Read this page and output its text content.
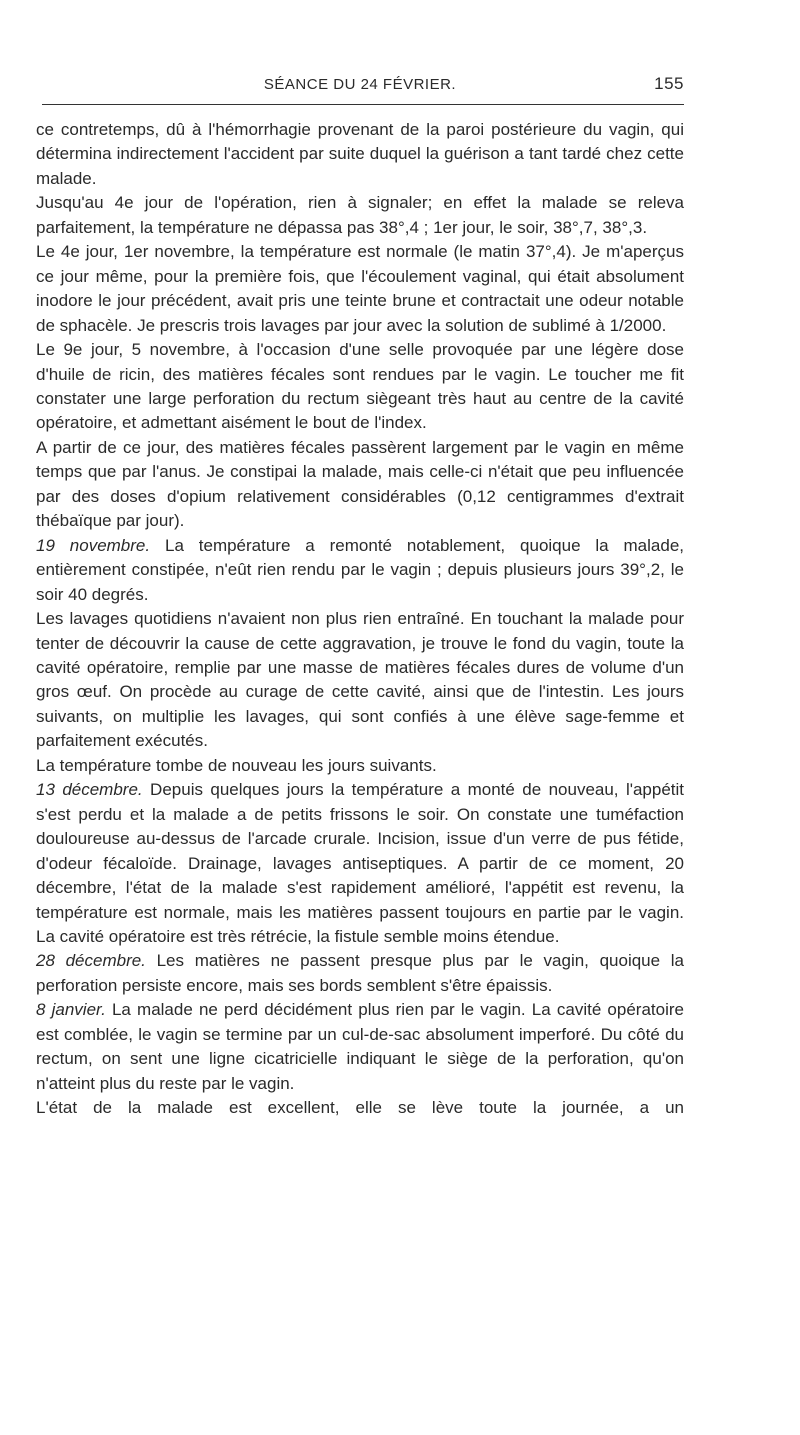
SÉANCE DU 24 FÉVRIER.	155

ce contretemps, dû à l'hémorrhagie provenant de la paroi postérieure du vagin, qui détermina indirectement l'accident par suite duquel la guérison a tant tardé chez cette malade.

Jusqu'au 4e jour de l'opération, rien à signaler; en effet la malade se releva parfaitement, la température ne dépassa pas 38°,4 ; 1er jour, le soir, 38°,7, 38°,3.

Le 4e jour, 1er novembre, la température est normale (le matin 37°,4). Je m'aperçus ce jour même, pour la première fois, que l'écoulement vaginal, qui était absolument inodore le jour précédent, avait pris une teinte brune et contractait une odeur notable de sphacèle. Je prescris trois lavages par jour avec la solution de sublimé à 1/2000.

Le 9e jour, 5 novembre, à l'occasion d'une selle provoquée par une légère dose d'huile de ricin, des matières fécales sont rendues par le vagin. Le toucher me fit constater une large perforation du rectum siègeant très haut au centre de la cavité opératoire, et admettant aisément le bout de l'index.

A partir de ce jour, des matières fécales passèrent largement par le vagin en même temps que par l'anus. Je constipai la malade, mais celle-ci n'était que peu influencée par des doses d'opium relativement considérables (0,12 centigrammes d'extrait thébaïque par jour).

19 novembre. La température a remonté notablement, quoique la malade, entièrement constipée, n'eût rien rendu par le vagin ; depuis plusieurs jours 39°,2, le soir 40 degrés.

Les lavages quotidiens n'avaient non plus rien entraîné. En touchant la malade pour tenter de découvrir la cause de cette aggravation, je trouve le fond du vagin, toute la cavité opératoire, remplie par une masse de matières fécales dures de volume d'un gros œuf. On procède au curage de cette cavité, ainsi que de l'intestin. Les jours suivants, on multiplie les lavages, qui sont confiés à une élève sage-femme et parfaitement exécutés.

La température tombe de nouveau les jours suivants.

13 décembre. Depuis quelques jours la température a monté de nouveau, l'appétit s'est perdu et la malade a de petits frissons le soir. On constate une tuméfaction douloureuse au-dessus de l'arcade crurale. Incision, issue d'un verre de pus fétide, d'odeur fécaloïde. Drainage, lavages antiseptiques. A partir de ce moment, 20 décembre, l'état de la malade s'est rapidement amélioré, l'appétit est revenu, la température est normale, mais les matières passent toujours en partie par le vagin. La cavité opératoire est très rétrécie, la fistule semble moins étendue.

28 décembre. Les matières ne passent presque plus par le vagin, quoique la perforation persiste encore, mais ses bords semblent s'être épaissis.

8 janvier. La malade ne perd décidément plus rien par le vagin. La cavité opératoire est comblée, le vagin se termine par un cul-de-sac absolument imperforé. Du côté du rectum, on sent une ligne cicatricielle indiquant le siège de la perforation, qu'on n'atteint plus du reste par le vagin.

L'état de la malade est excellent, elle se lève toute la journée, a un
